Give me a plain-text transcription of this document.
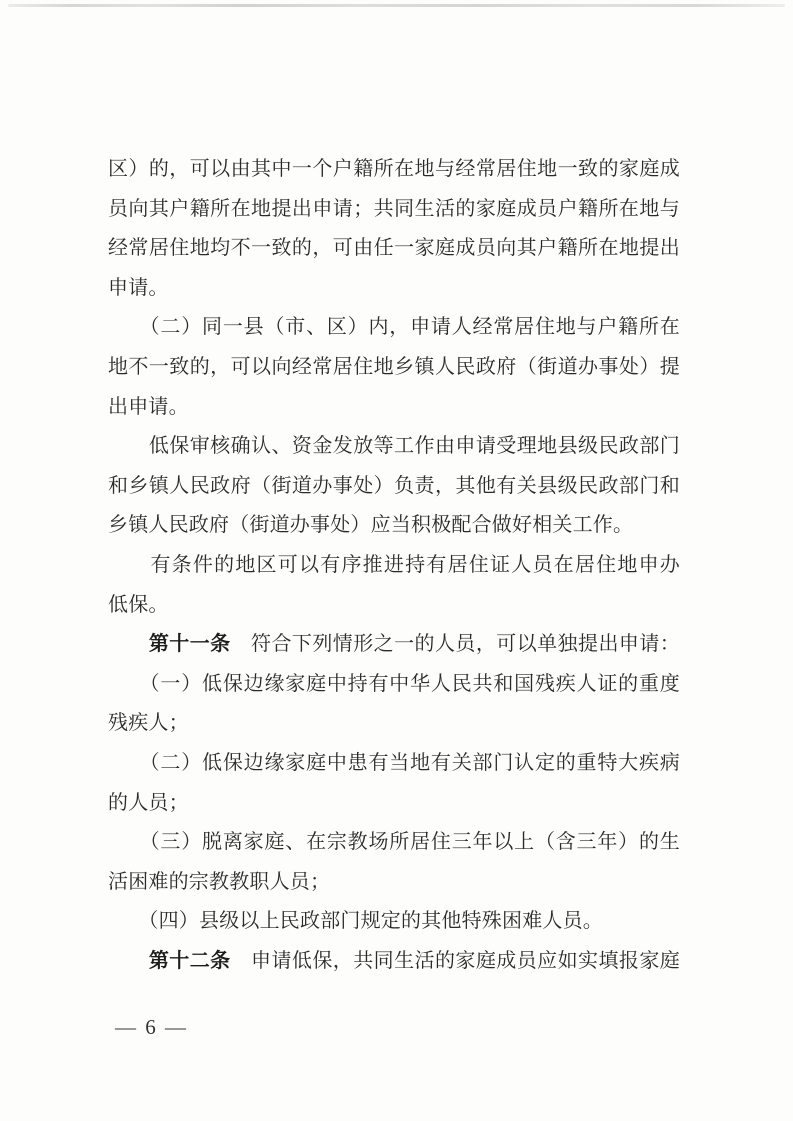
区）的，可以由其中一个户籍所在地与经常居住地一致的家庭成
员向其户籍所在地提出申请；共同生活的家庭成员户籍所在地与
经常居住地均不一致的，可由任一家庭成员向其户籍所在地提出
申请。
　　（二）同一县（市、区）内，申请人经常居住地与户籍所在
地不一致的，可以向经常居住地乡镇人民政府（街道办事处）提
出申请。
　　低保审核确认、资金发放等工作由申请受理地县级民政部门
和乡镇人民政府（街道办事处）负责，其他有关县级民政部门和
乡镇人民政府（街道办事处）应当积极配合做好相关工作。
　　有条件的地区可以有序推进持有居住证人员在居住地申办
低保。
　　第十一条　符合下列情形之一的人员，可以单独提出申请：
　　（一）低保边缘家庭中持有中华人民共和国残疾人证的重度
残疾人；
　　（二）低保边缘家庭中患有当地有关部门认定的重特大疾病
的人员；
　　（三）脱离家庭、在宗教场所居住三年以上（含三年）的生
活困难的宗教教职人员；
　　（四）县级以上民政部门规定的其他特殊困难人员。
　　第十二条　申请低保，共同生活的家庭成员应如实填报家庭
— 6 —
